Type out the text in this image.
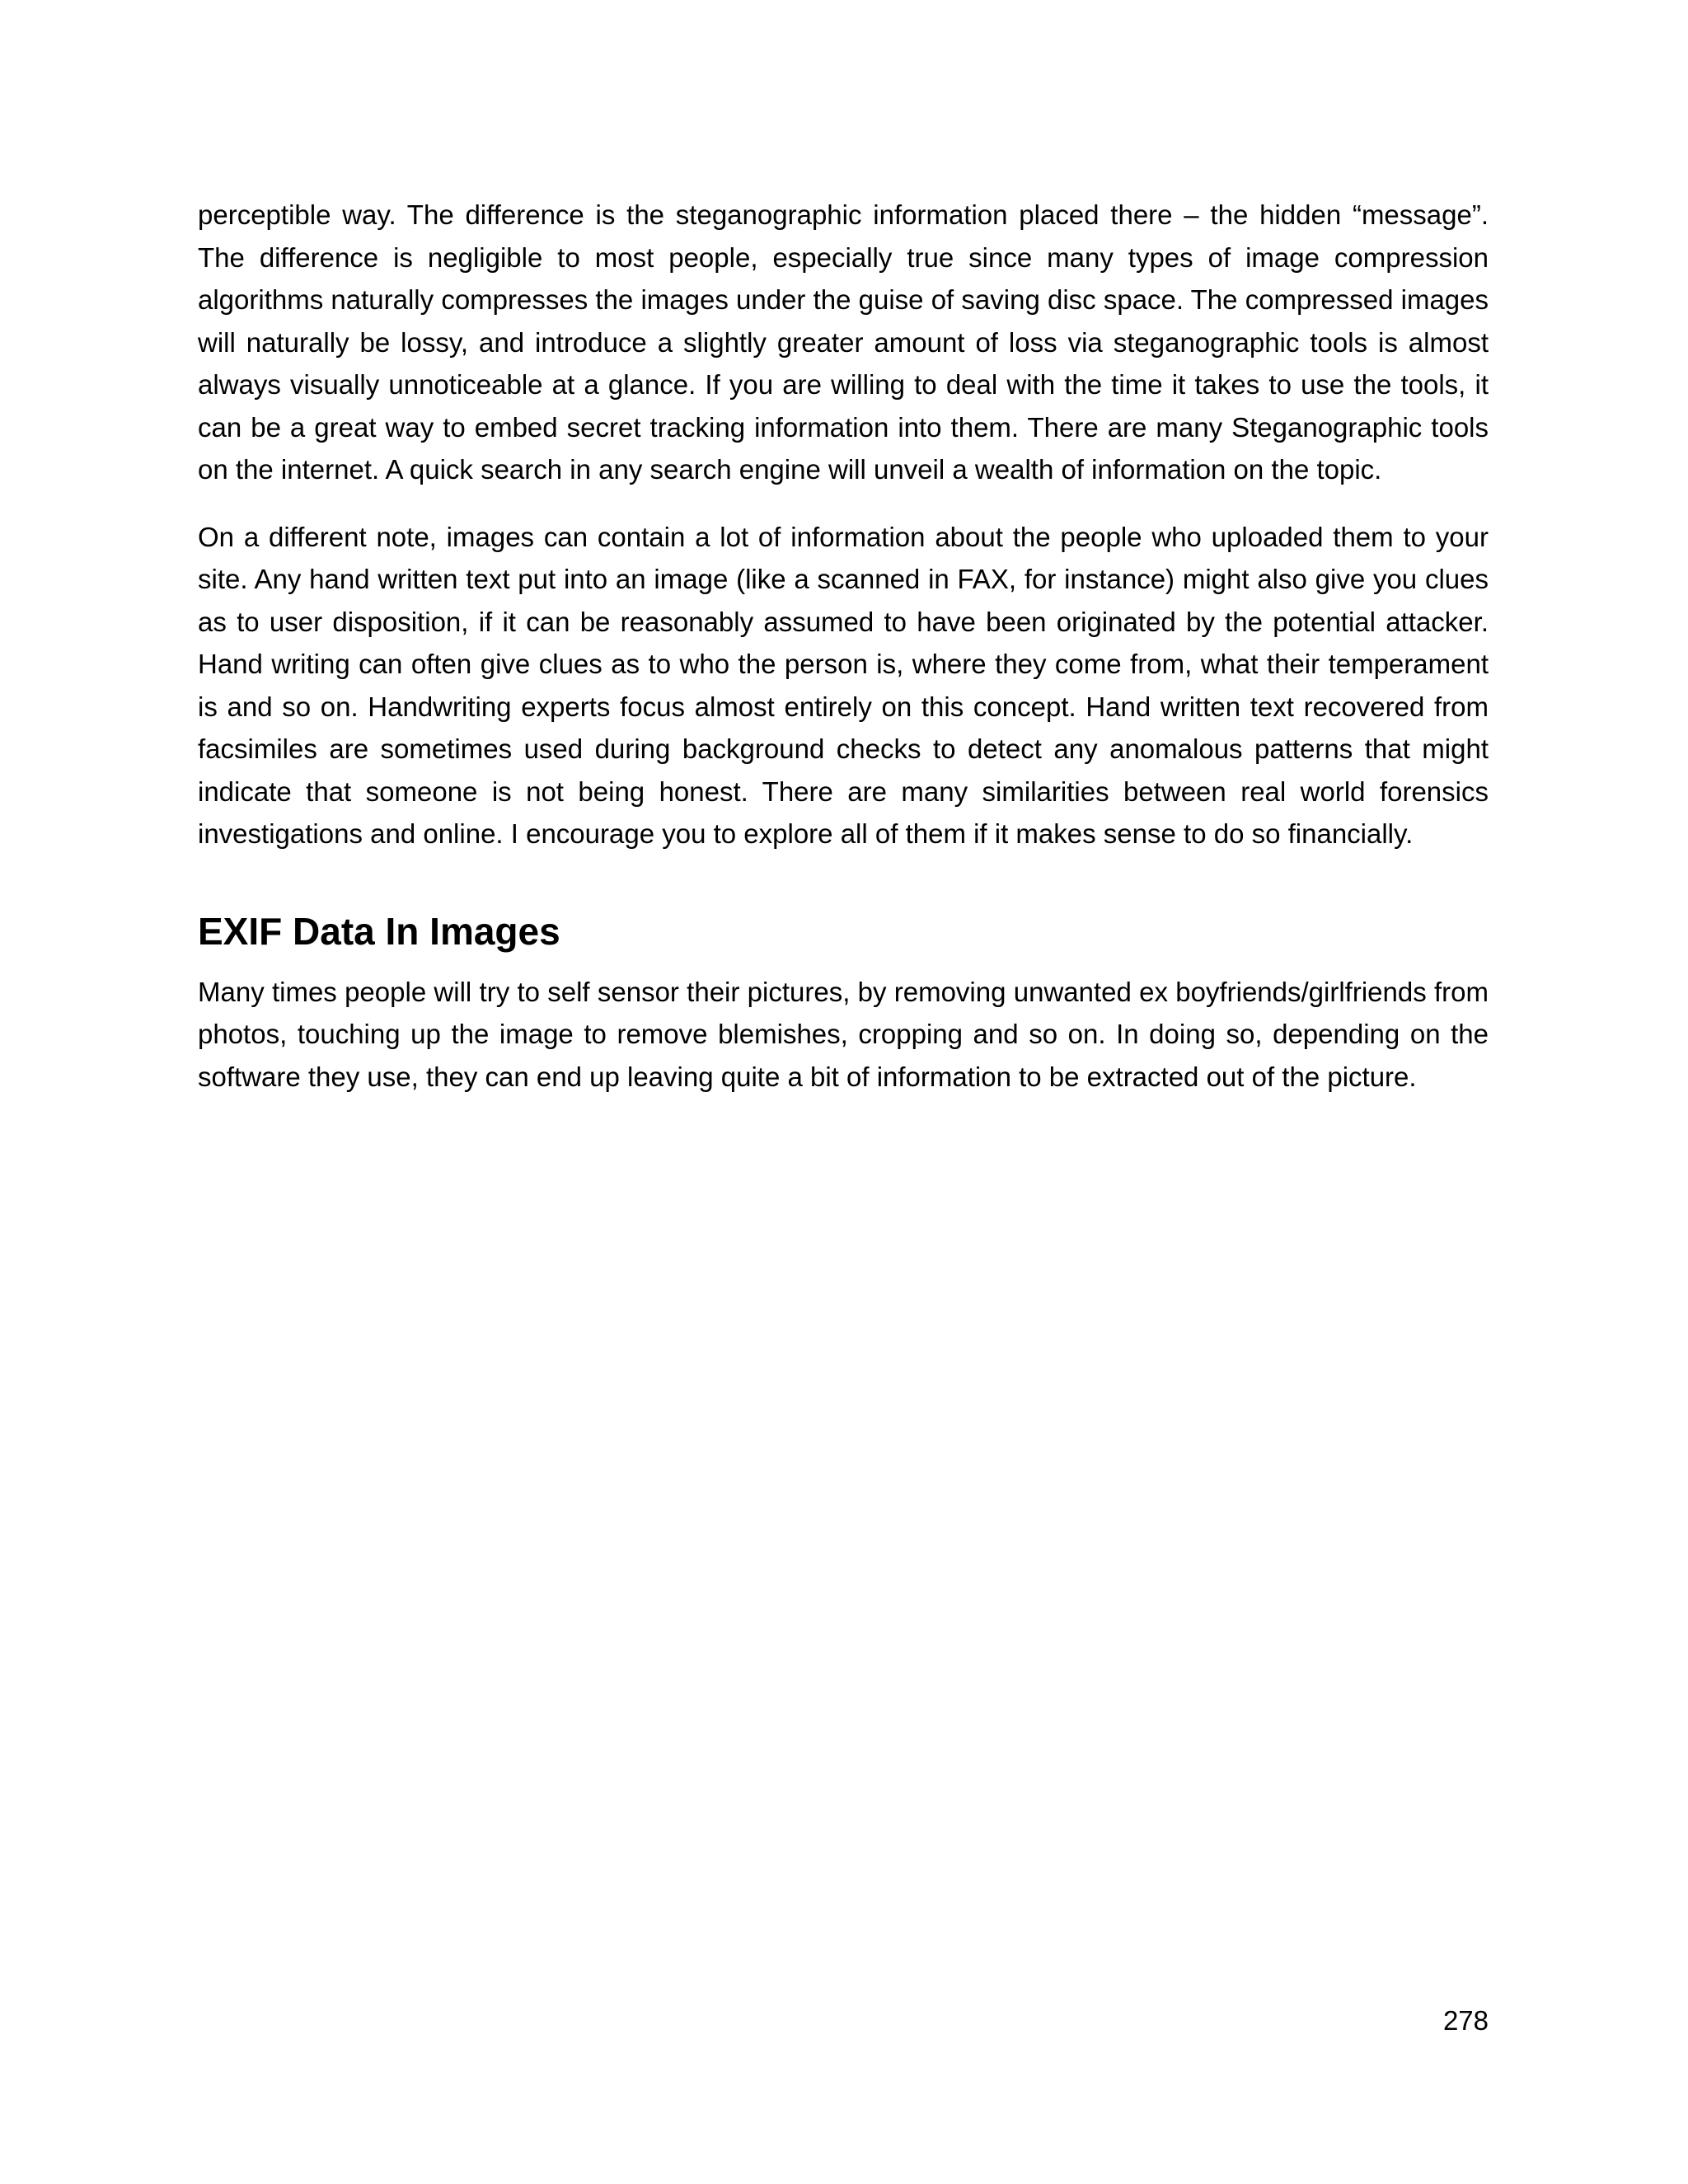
perceptible way. The difference is the steganographic information placed there – the hidden “message”. The difference is negligible to most people, especially true since many types of image compression algorithms naturally compresses the images under the guise of saving disc space. The compressed images will naturally be lossy, and introduce a slightly greater amount of loss via steganographic tools is almost always visually unnoticeable at a glance. If you are willing to deal with the time it takes to use the tools, it can be a great way to embed secret tracking information into them. There are many Steganographic tools on the internet. A quick search in any search engine will unveil a wealth of information on the topic.

On a different note, images can contain a lot of information about the people who uploaded them to your site. Any hand written text put into an image (like a scanned in FAX, for instance) might also give you clues as to user disposition, if it can be reasonably assumed to have been originated by the potential attacker. Hand writing can often give clues as to who the person is, where they come from, what their temperament is and so on. Handwriting experts focus almost entirely on this concept. Hand written text recovered from facsimiles are sometimes used during background checks to detect any anomalous patterns that might indicate that someone is not being honest. There are many similarities between real world forensics investigations and online. I encourage you to explore all of them if it makes sense to do so financially.

EXIF Data In Images

Many times people will try to self sensor their pictures, by removing unwanted ex boyfriends/girlfriends from photos, touching up the image to remove blemishes, cropping and so on. In doing so, depending on the software they use, they can end up leaving quite a bit of information to be extracted out of the picture.

278
